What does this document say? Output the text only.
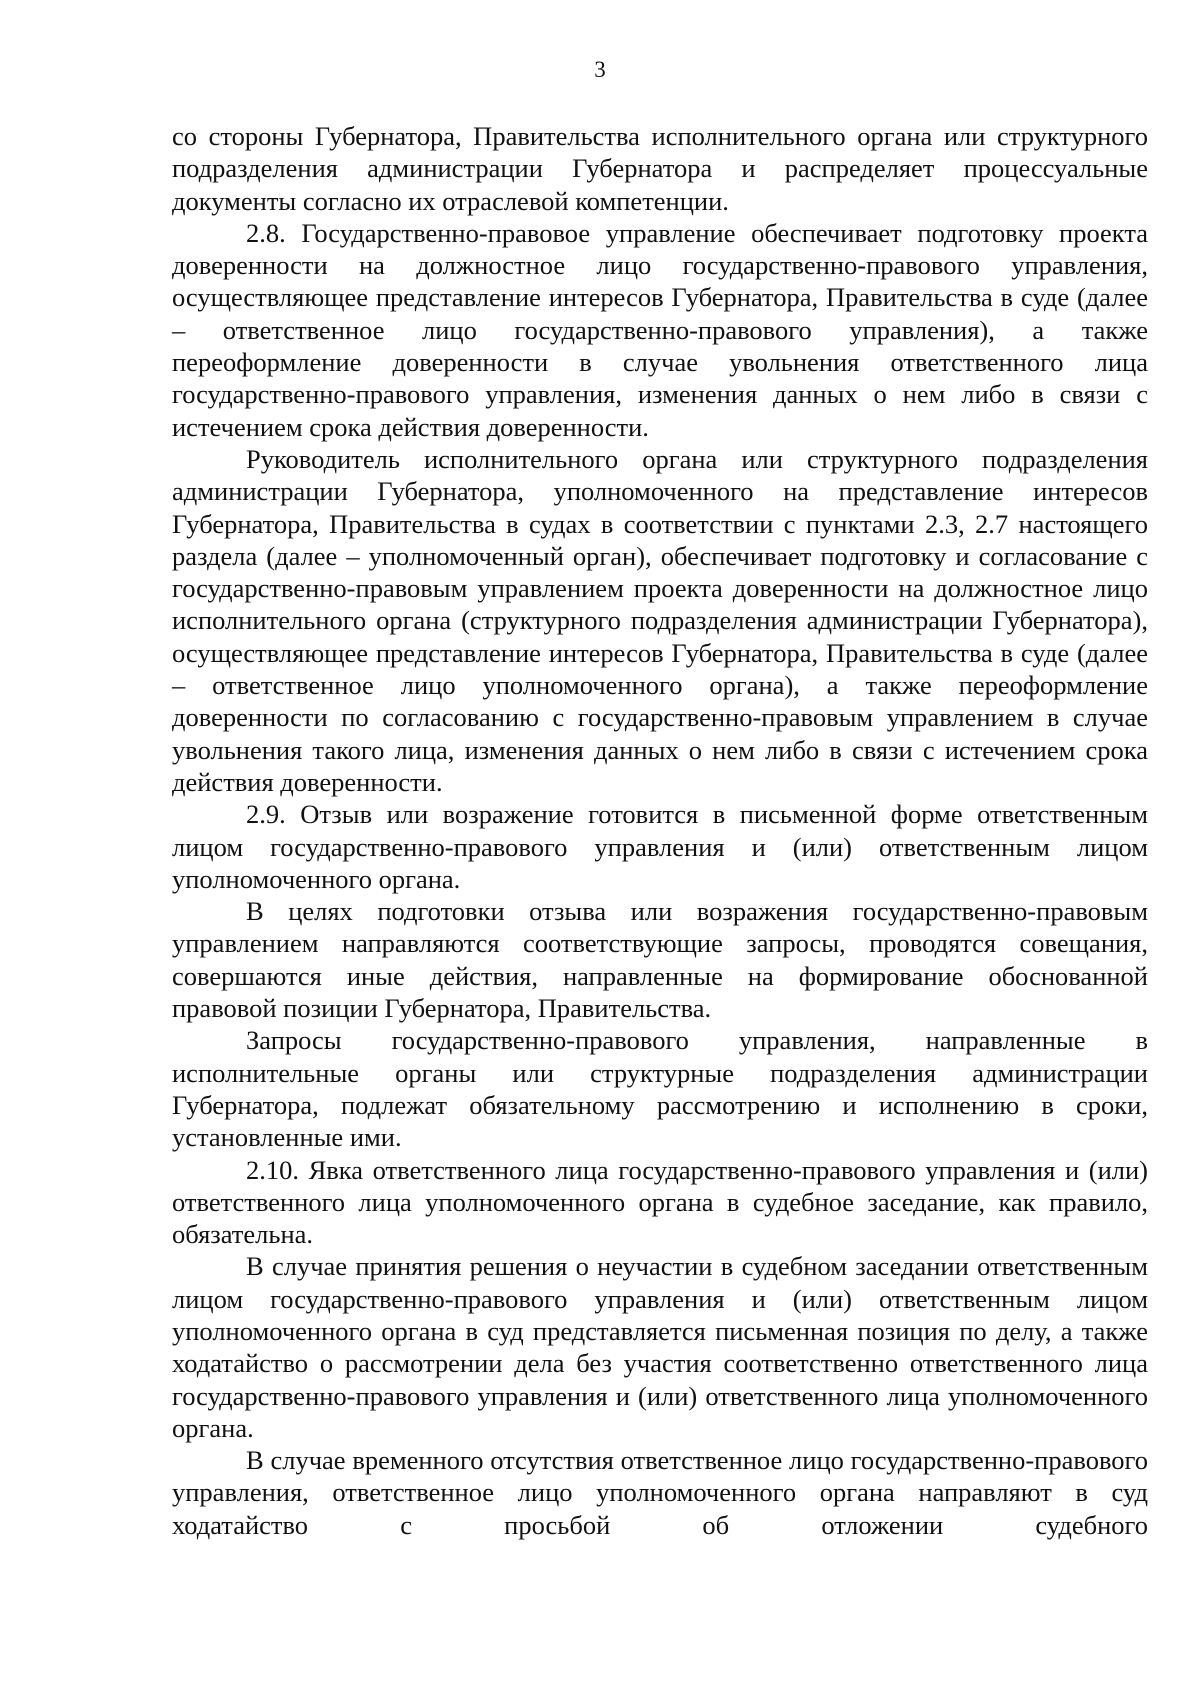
3

со стороны Губернатора, Правительства исполнительного органа или структурного подразделения администрации Губернатора и распределяет процессуальные документы согласно их отраслевой компетенции.

2.8. Государственно-правовое управление обеспечивает подготовку проекта доверенности на должностное лицо государственно-правового управления, осуществляющее представление интересов Губернатора, Правительства в суде (далее – ответственное лицо государственно-правового управления), а также переоформление доверенности в случае увольнения ответственного лица государственно-правового управления, изменения данных о нем либо в связи с истечением срока действия доверенности.

Руководитель исполнительного органа или структурного подразделения администрации Губернатора, уполномоченного на представление интересов Губернатора, Правительства в судах в соответствии с пунктами 2.3, 2.7 настоящего раздела (далее – уполномоченный орган), обеспечивает подготовку и согласование с государственно-правовым управлением проекта доверенности на должностное лицо исполнительного органа (структурного подразделения администрации Губернатора), осуществляющее представление интересов Губернатора, Правительства в суде (далее – ответственное лицо уполномоченного органа), а также переоформление доверенности по согласованию с государственно-правовым управлением в случае увольнения такого лица, изменения данных о нем либо в связи с истечением срока действия доверенности.

2.9. Отзыв или возражение готовится в письменной форме ответственным лицом государственно-правового управления и (или) ответственным лицом уполномоченного органа.

В целях подготовки отзыва или возражения государственно-правовым управлением направляются соответствующие запросы, проводятся совещания, совершаются иные действия, направленные на формирование обоснованной правовой позиции Губернатора, Правительства.

Запросы государственно-правового управления, направленные в исполнительные органы или структурные подразделения администрации Губернатора, подлежат обязательному рассмотрению и исполнению в сроки, установленные ими.

2.10. Явка ответственного лица государственно-правового управления и (или) ответственного лица уполномоченного органа в судебное заседание, как правило, обязательна.

В случае принятия решения о неучастии в судебном заседании ответственным лицом государственно-правового управления и (или) ответственным лицом уполномоченного органа в суд представляется письменная позиция по делу, а также ходатайство о рассмотрении дела без участия соответственно ответственного лица государственно-правового управления и (или) ответственного лица уполномоченного органа.

В случае временного отсутствия ответственное лицо государственно-правового управления, ответственное лицо уполномоченного органа направляют в суд ходатайство с просьбой об отложении судебного
